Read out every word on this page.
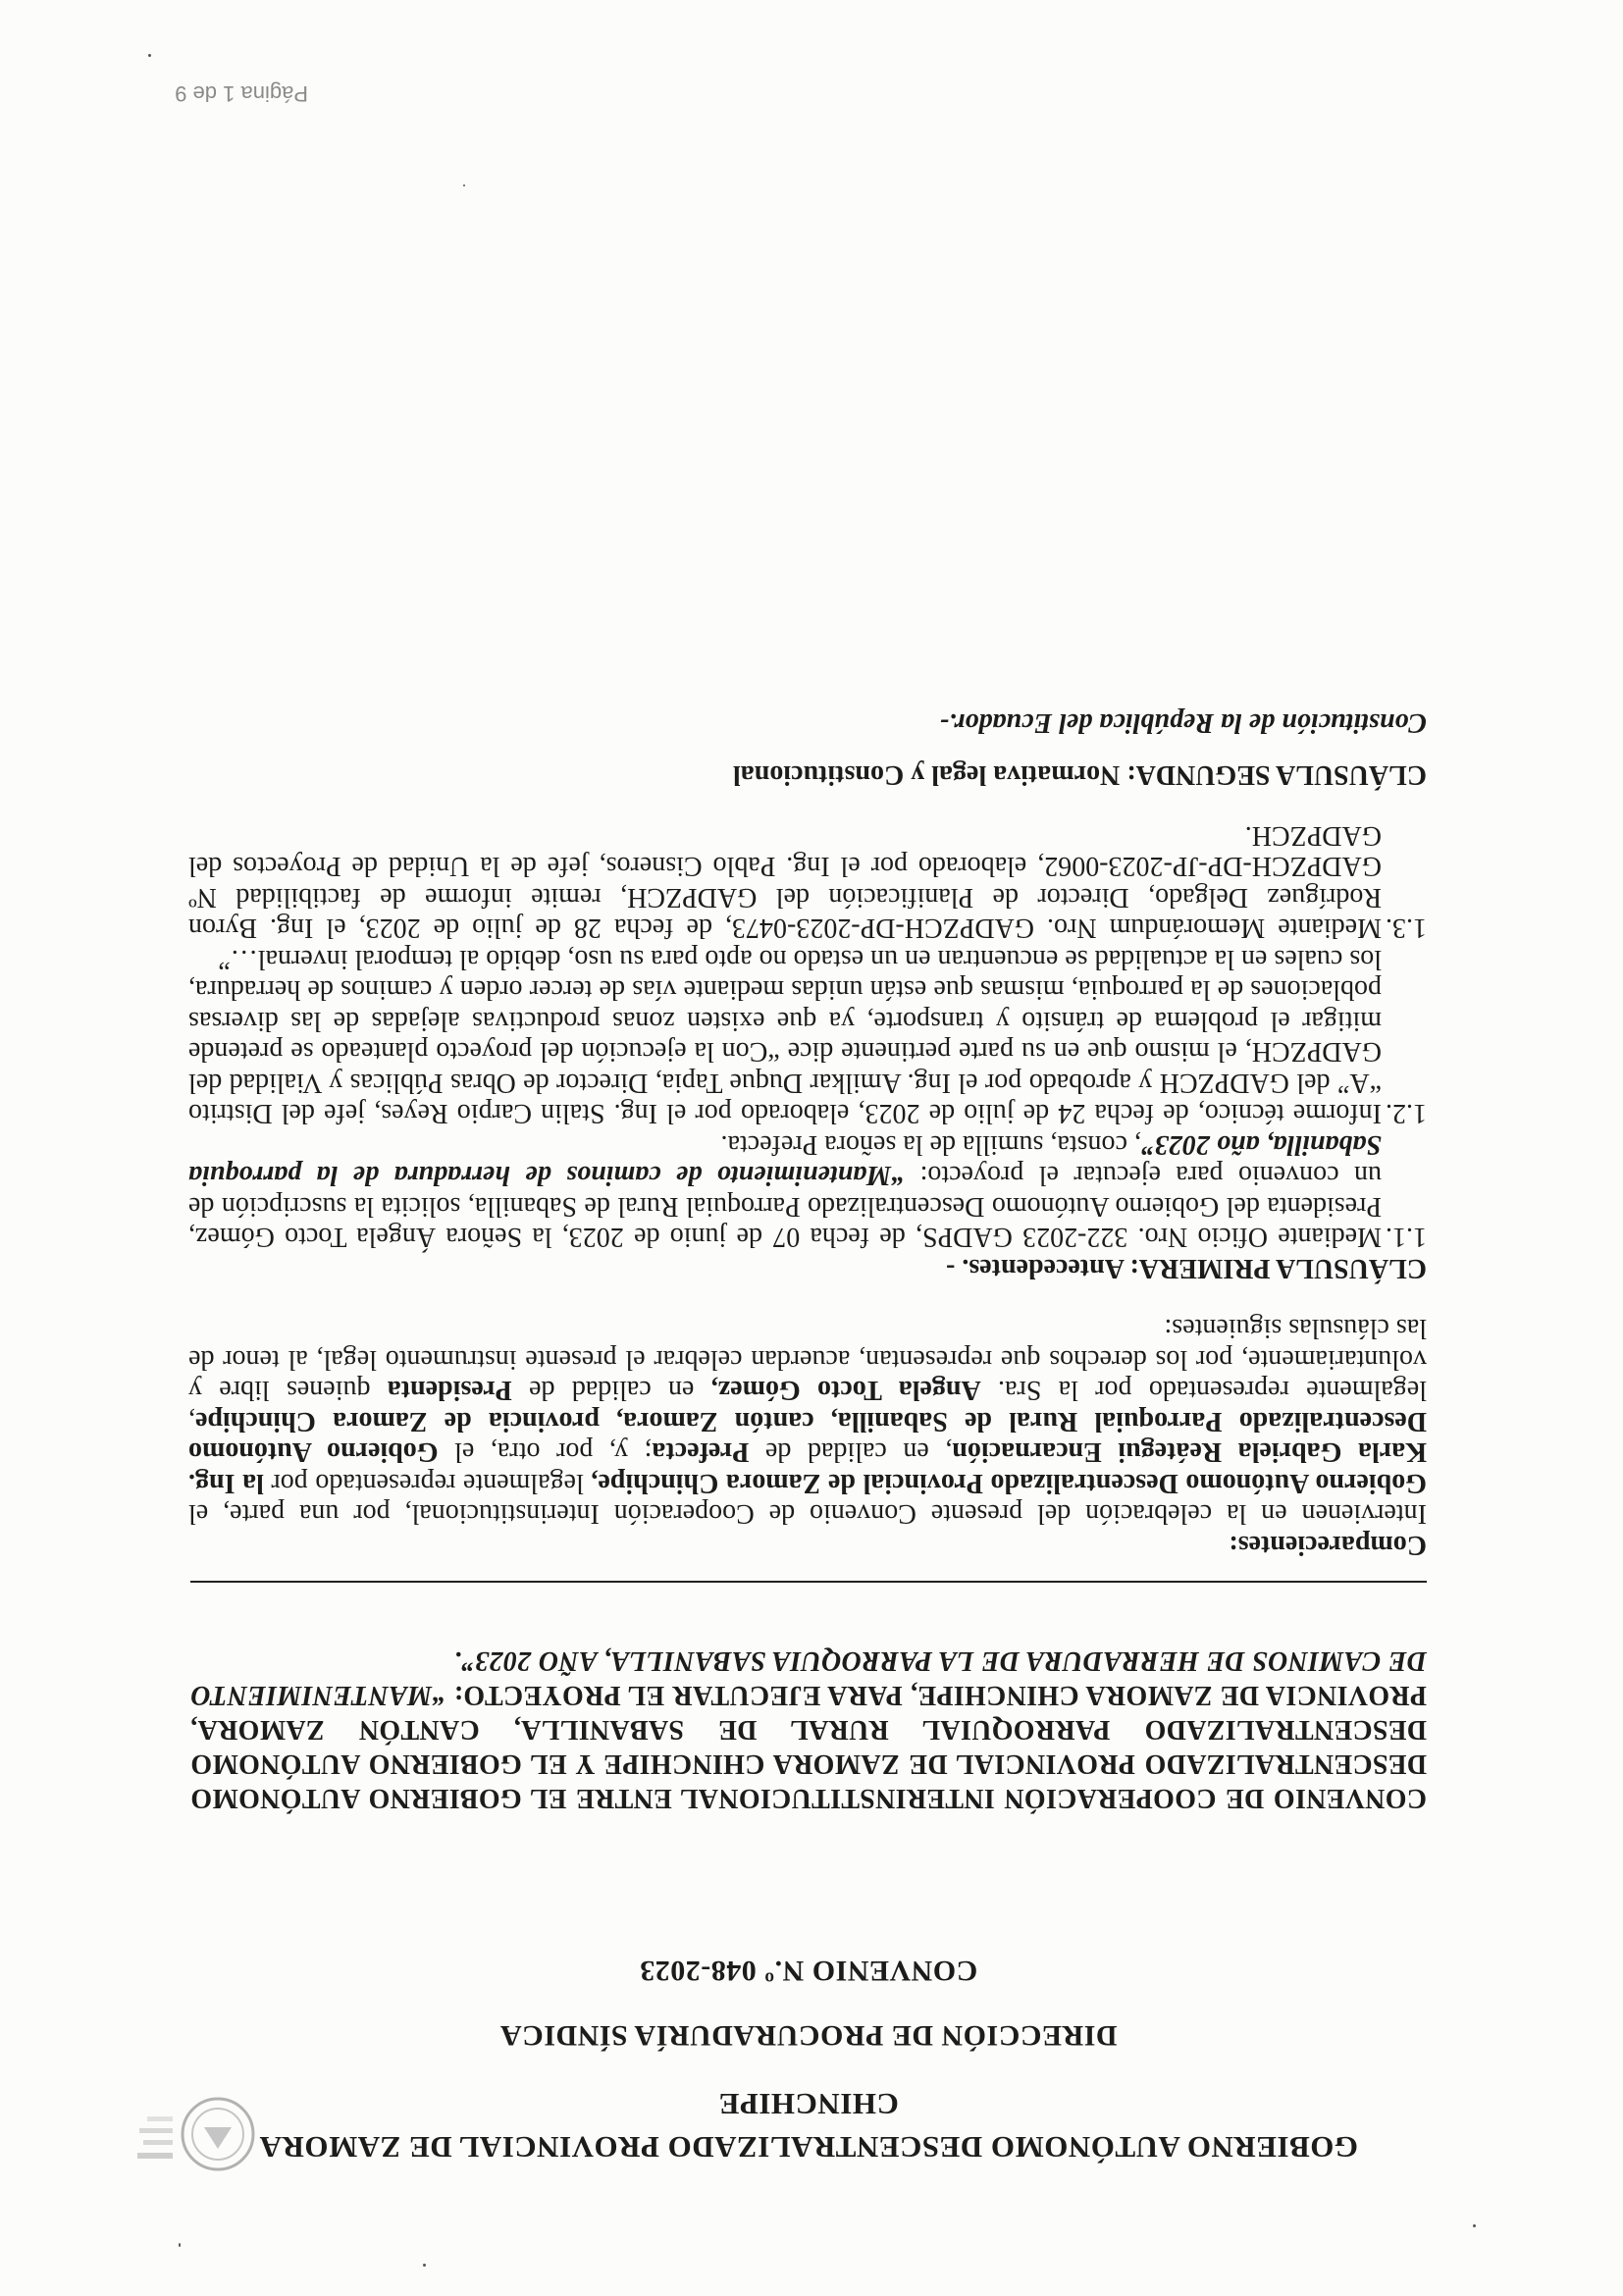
GOBIERNO AUTÓNOMO DESCENTRALIZADO PROVINCIAL DE ZAMORA CHINCHIPE
DIRECCIÓN DE PROCURADURÍA SÍNDICA
CONVENIO N.º 048-2023
CONVENIO DE COOPERACIÓN INTERINSTITUCIONAL ENTRE EL GOBIERNO AUTÓNOMO DESCENTRALIZADO PROVINCIAL DE ZAMORA CHINCHIPE Y EL GOBIERNO AUTÓNOMO DESCENTRALIZADO PARROQUIAL RURAL DE SABANILLA, CANTÓN ZAMORA, PROVINCIA DE ZAMORA CHINCHIPE, PARA EJECUTAR EL PROYECTO: “MANTENIMIENTO DE CAMINOS DE HERRADURA DE LA PARROQUIA SABANILLA, AÑO 2023”.

Comparecientes:

Intervienen en la celebración del presente Convenio de Cooperación Interinstitucional, por una parte, el Gobierno Autónomo Descentralizado Provincial de Zamora Chinchipe, legalmente representado por la Ing. Karla Gabriela Reátegui Encarnación, en calidad de Prefecta; y, por otra, el Gobierno Autónomo Descentralizado Parroquial Rural de Sabanilla, cantón Zamora, provincia de Zamora Chinchipe, legalmente representado por la Sra. Angela Tocto Gómez, en calidad de Presidenta quienes libre y voluntariamente, por los derechos que representan, acuerdan celebrar el presente instrumento legal, al tenor de las cláusulas siguientes:

CLÁUSULA PRIMERA: Antecedentes. -

1.1.Mediante Oficio Nro. 322-2023 GADPS, de fecha 07 de junio de 2023, la Señora Ángela Tocto Gómez, Presidenta del Gobierno Autónomo Descentralizado Parroquial Rural de Sabanilla, solicita la suscripción de un convenio para ejecutar el proyecto: “Mantenimiento de caminos de herradura de la parroquia Sabanilla, año 2023”, consta, sumilla de la señora Prefecta.

1.2.Informe técnico, de fecha 24 de julio de 2023, elaborado por el Ing. Stalin Carpio Reyes, jefe del Distrito “A” del GADPZCH y aprobado por el Ing. Amilkar Duque Tapia, Director de Obras Públicas y Vialidad del GADPZCH, el mismo que en su parte pertinente dice “Con la ejecución del proyecto planteado se pretende mitigar el problema de tránsito y transporte, ya que existen zonas productivas alejadas de las diversas poblaciones de la parroquia, mismas que están unidas mediante vías de tercer orden y caminos de herradura, los cuales en la actualidad se encuentran en un estado no apto para su uso, debido al temporal invernal…”

1.3.Mediante Memorándum Nro. GADPZCH-DP-2023-0473, de fecha 28 de julio de 2023, el Ing. Byron Rodríguez Delgado, Director de Planificación del GADPZCH, remite informe de factibilidad Nº GADPZCH-DP-JP-2023-0062, elaborado por el Ing. Pablo Cisneros, jefe de la Unidad de Proyectos del GADPZCH.

CLÁUSULA SEGUNDA: Normativa legal y Constitucional

Constitución de la República del Ecuador.-

Página 1 de 9
